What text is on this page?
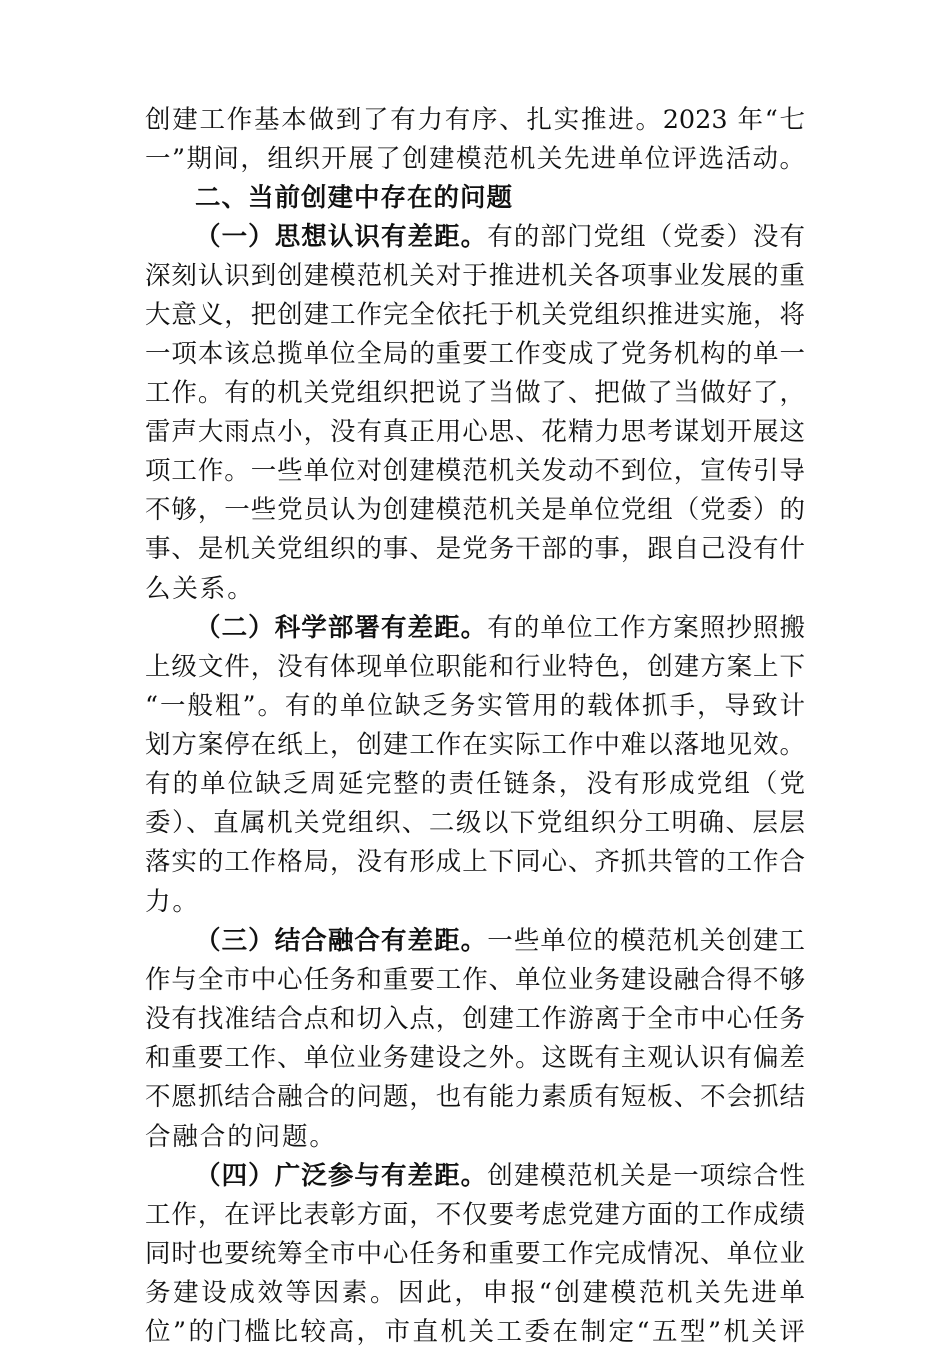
创建工作基本做到了有力有序、扎实推进。2023 年“七
一”期间，组织开展了创建模范机关先进单位评选活动。
二、当前创建中存在的问题
（一）思想认识有差距。有的部门党组（党委）没有
深刻认识到创建模范机关对于推进机关各项事业发展的重
大意义，把创建工作完全依托于机关党组织推进实施，将
一项本该总揽单位全局的重要工作变成了党务机构的单一
工作。有的机关党组织把说了当做了、把做了当做好了，
雷声大雨点小，没有真正用心思、花精力思考谋划开展这
项工作。一些单位对创建模范机关发动不到位，宣传引导
不够，一些党员认为创建模范机关是单位党组（党委）的
事、是机关党组织的事、是党务干部的事，跟自己没有什
么关系。
（二）科学部署有差距。有的单位工作方案照抄照搬
上级文件，没有体现单位职能和行业特色，创建方案上下
“一般粗”。有的单位缺乏务实管用的载体抓手，导致计
划方案停在纸上，创建工作在实际工作中难以落地见效。
有的单位缺乏周延完整的责任链条，没有形成党组（党
委）、直属机关党组织、二级以下党组织分工明确、层层
落实的工作格局，没有形成上下同心、齐抓共管的工作合
力。
（三）结合融合有差距。一些单位的模范机关创建工
作与全市中心任务和重要工作、单位业务建设融合得不够
没有找准结合点和切入点，创建工作游离于全市中心任务
和重要工作、单位业务建设之外。这既有主观认识有偏差
不愿抓结合融合的问题，也有能力素质有短板、不会抓结
合融合的问题。
（四）广泛参与有差距。创建模范机关是一项综合性
工作，在评比表彰方面，不仅要考虑党建方面的工作成绩
同时也要统筹全市中心任务和重要工作完成情况、单位业
务建设成效等因素。因此，申报“创建模范机关先进单
位”的门槛比较高，市直机关工委在制定“五型”机关评
